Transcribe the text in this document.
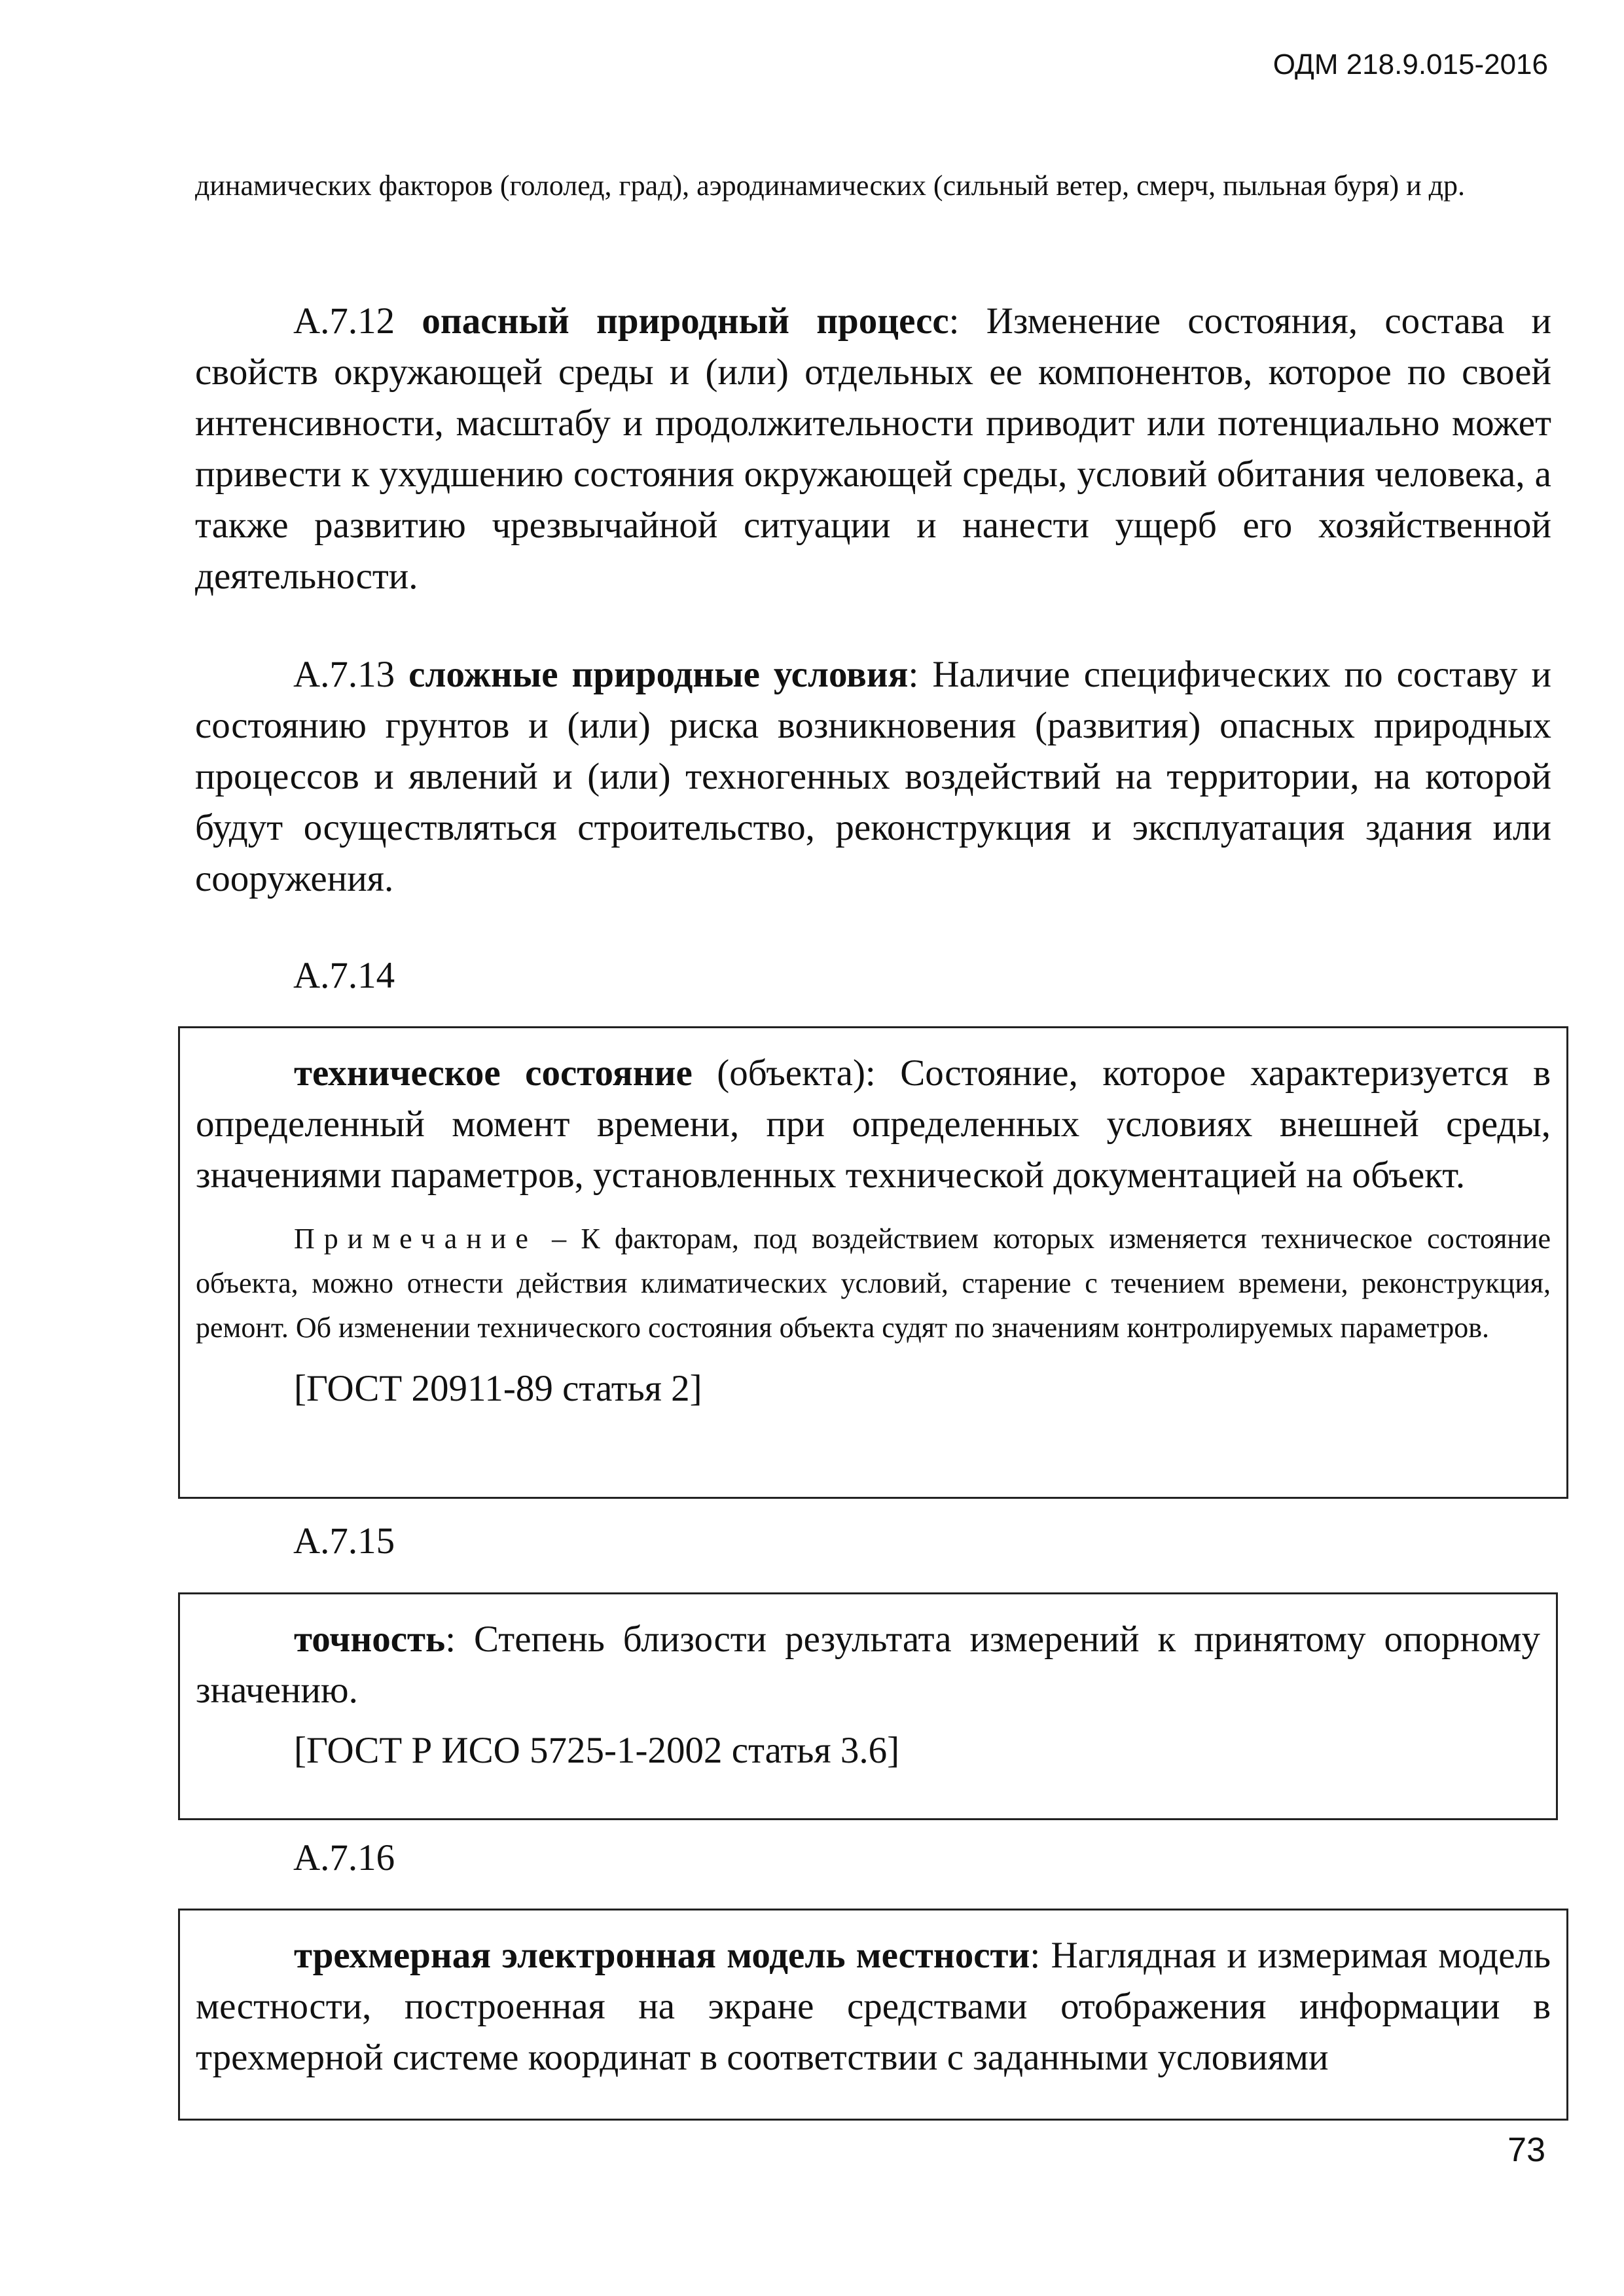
ОДМ 218.9.015-2016
динамических факторов (гололед, град), аэродинамических (сильный ветер, смерч, пыльная буря) и др.

А.7.12 опасный природный процесс: Изменение состояния, состава и свойств окружающей среды и (или) отдельных ее компонентов, которое по своей интенсивности, масштабу и продолжительности приводит или потенциально может привести к ухудшению состояния окружающей среды, условий обитания человека, а также развитию чрезвычайной ситуации и нанести ущерб его хозяйственной деятельности.

А.7.13 сложные природные условия: Наличие специфических по составу и состоянию грунтов и (или) риска возникновения (развития) опасных природных процессов и явлений и (или) техногенных воздействий на территории, на которой будут осуществляться строительство, реконструкция и эксплуатация здания или сооружения.

А.7.14

техническое состояние (объекта): Состояние, которое характеризуется в определенный момент времени, при определенных условиях внешней среды, значениями параметров, установленных технической документацией на объект.

Примечание – К факторам, под воздействием которых изменяется техническое состояние объекта, можно отнести действия климатических условий, старение с течением времени, реконструкция, ремонт. Об изменении технического состояния объекта судят по значениям контролируемых параметров.

[ГОСТ 20911-89 статья 2]

А.7.15

точность: Степень близости результата измерений к принятому опорному значению.

[ГОСТ Р ИСО 5725-1-2002 статья 3.6]

А.7.16

трехмерная электронная модель местности: Наглядная и измеримая модель местности, построенная на экране средствами отображения информации в трехмерной системе координат в соответствии с заданными условиями

73
